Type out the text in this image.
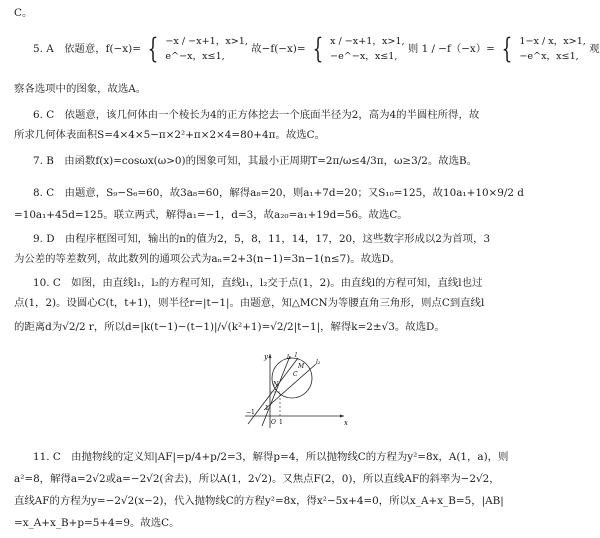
C。
5. A　依题意，f(−x)= { −x / −x+1，x>1,
e^−x，x≤1,
故−f(−x)= { x / −x+1，x>1,
−e^−x，x≤1,
则 1 / −f（−x）= { 1−x / x，x>1,
−e^x，x≤1,
观
察各选项中的图象，故选A。
6. C　依题意，该几何体由一个棱长为4的正方体挖去一个底面半径为2，高为4的半圆柱所得，故
所求几何体表面积S=4×4×5−π×2²+π×2×4=80+4π。故选C。
7. B　由函数f(x)=cosωx(ω>0)的图象可知，其最小正周期T=2π/ω≤4/3π，ω≥3/2。故选B。
8. C　由题意，S₉−S₆=60，故3a₈=60，解得a₈=20，则a₁+7d=20；又S₁₀=125，故10a₁+10×9/2 d
=10a₁+45d=125。联立两式，解得a₁=−1，d=3，故a₂₀=a₁+19d=56。故选C。
9. D　由程序框图可知，输出的n的值为2，5，8，11，14，17，20，这些数字形成以2为首项，3
为公差的等差数列，故此数列的通项公式为aₙ=2+3(n−1)=3n−1(n≤7)。故选D。
10. C　如图，由直线l₁，l₂的方程可知，直线l₁，l₂交于点(1，2)。由直线l的方程可知，直线l也过
点(1，2)。设圆心C(t，t+1)，则半径r=|t−1|。由题意，知△MCN为等腰直角三角形，则点C到直线l
的距离d为√2/2 r，所以d=|k(t−1)−(t−1)|/√(k²+1)=√2/2|t−1|，解得k=2±√3。故选D。
y
x
l₁ l
l₂
M
C
N
O 1
−1
1
11. C　由抛物线的定义知|AF|=p/4+p/2=3，解得p=4，所以抛物线C的方程为y²=8x，A(1，a)，则
a²=8，解得a=2√2或a=−2√2(舍去)，所以A(1，2√2)。又焦点F(2，0)，所以直线AF的斜率为−2√2，
直线AF的方程为y=−2√2(x−2)，代入抛物线C的方程y²=8x，得x²−5x+4=0，所以x_A+x_B=5，|AB|
=x_A+x_B+p=5+4=9。故选C。
